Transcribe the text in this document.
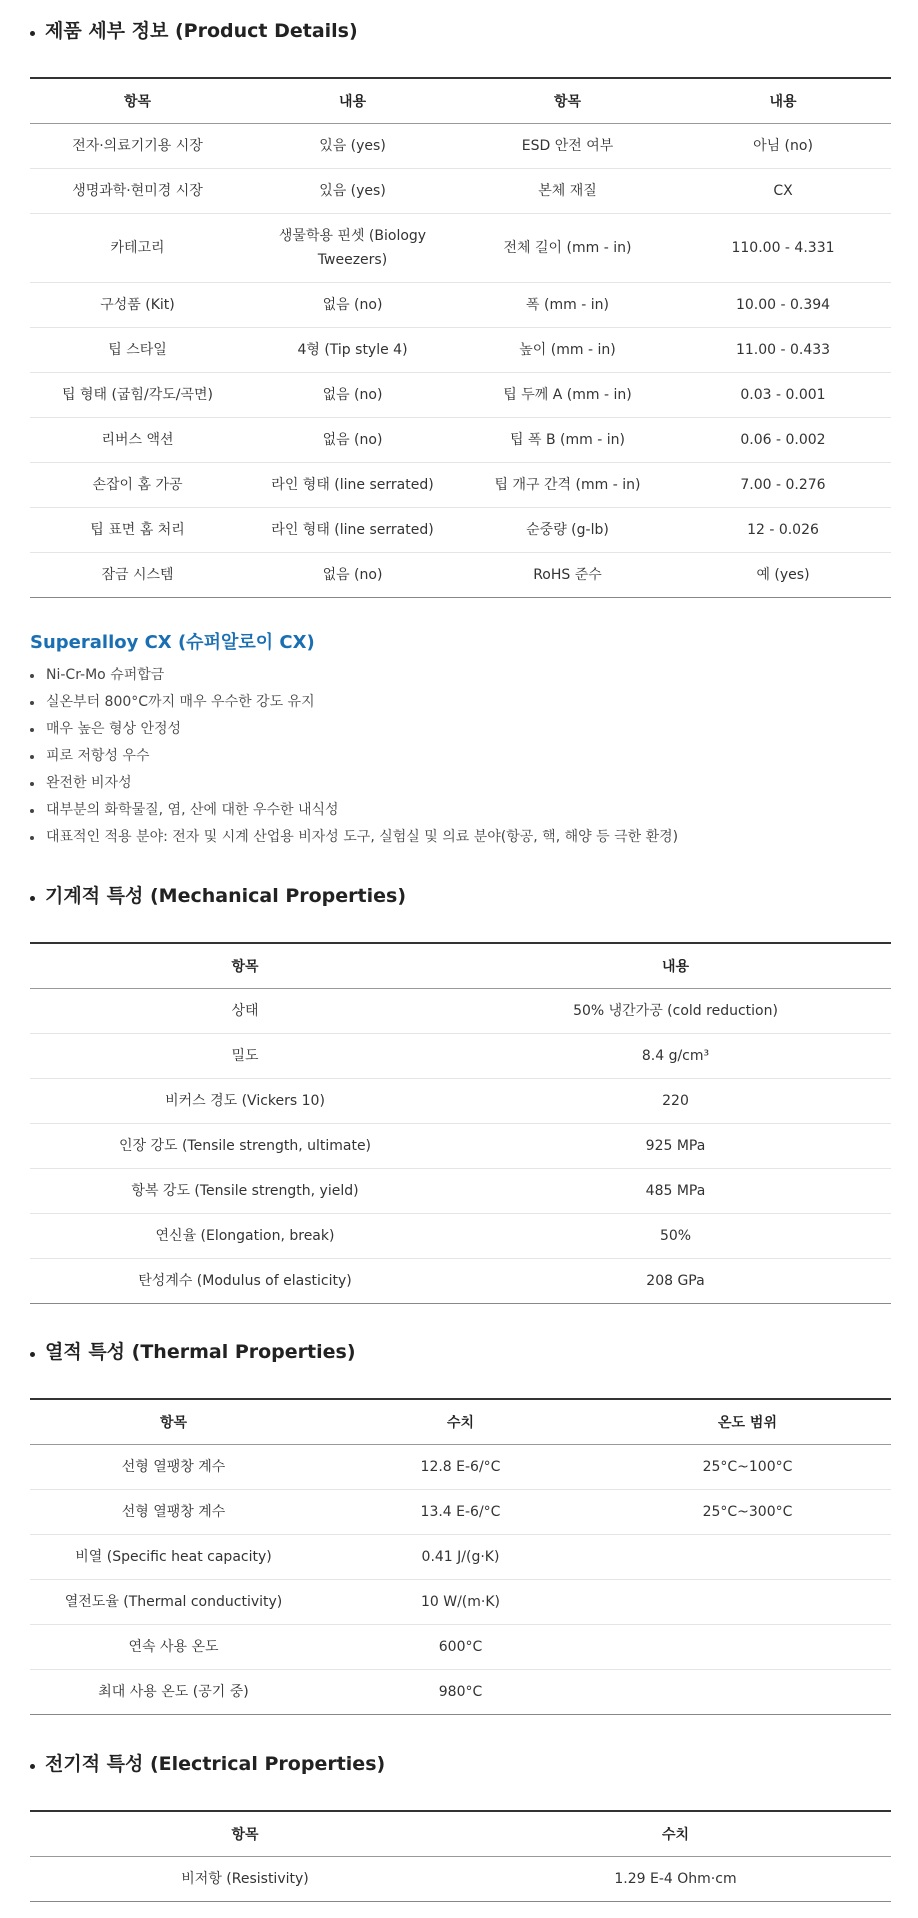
제품 세부 정보 (Product Details)
항목	내용	항목	내용
전자·의료기기용 시장	있음 (yes)	ESD 안전 여부	아님 (no)
생명과학·현미경 시장	있음 (yes)	본체 재질	CX
카테고리	생물학용 핀셋 (Biology Tweezers)	전체 길이 (mm - in)	110.00 - 4.331
구성품 (Kit)	없음 (no)	폭 (mm - in)	10.00 - 0.394
팁 스타일	4형 (Tip style 4)	높이 (mm - in)	11.00 - 0.433
팁 형태 (굽힘/각도/곡면)	없음 (no)	팁 두께 A (mm - in)	0.03 - 0.001
리버스 액션	없음 (no)	팁 폭 B (mm - in)	0.06 - 0.002
손잡이 홈 가공	라인 형태 (line serrated)	팁 개구 간격 (mm - in)	7.00 - 0.276
팁 표면 홈 처리	라인 형태 (line serrated)	순중량 (g-lb)	12 - 0.026
잠금 시스템	없음 (no)	RoHS 준수	예 (yes)
Superalloy CX (슈퍼알로이 CX)
Ni-Cr-Mo 슈퍼합금
실온부터 800°C까지 매우 우수한 강도 유지
매우 높은 형상 안정성
피로 저항성 우수
완전한 비자성
대부분의 화학물질, 염, 산에 대한 우수한 내식성
대표적인 적용 분야: 전자 및 시계 산업용 비자성 도구, 실험실 및 의료 분야(항공, 핵, 해양 등 극한 환경)
기계적 특성 (Mechanical Properties)
항목	내용
상태	50% 냉간가공 (cold reduction)
밀도	8.4 g/cm³
비커스 경도 (Vickers 10)	220
인장 강도 (Tensile strength, ultimate)	925 MPa
항복 강도 (Tensile strength, yield)	485 MPa
연신율 (Elongation, break)	50%
탄성계수 (Modulus of elasticity)	208 GPa
열적 특성 (Thermal Properties)
항목	수치	온도 범위
선형 열팽창 계수	12.8 E-6/°C	25°C~100°C
선형 열팽창 계수	13.4 E-6/°C	25°C~300°C
비열 (Specific heat capacity)	0.41 J/(g·K)	
열전도율 (Thermal conductivity)	10 W/(m·K)	
연속 사용 온도	600°C	
최대 사용 온도 (공기 중)	980°C	
전기적 특성 (Electrical Properties)
항목	수치
비저항 (Resistivity)	1.29 E-4 Ohm·cm
